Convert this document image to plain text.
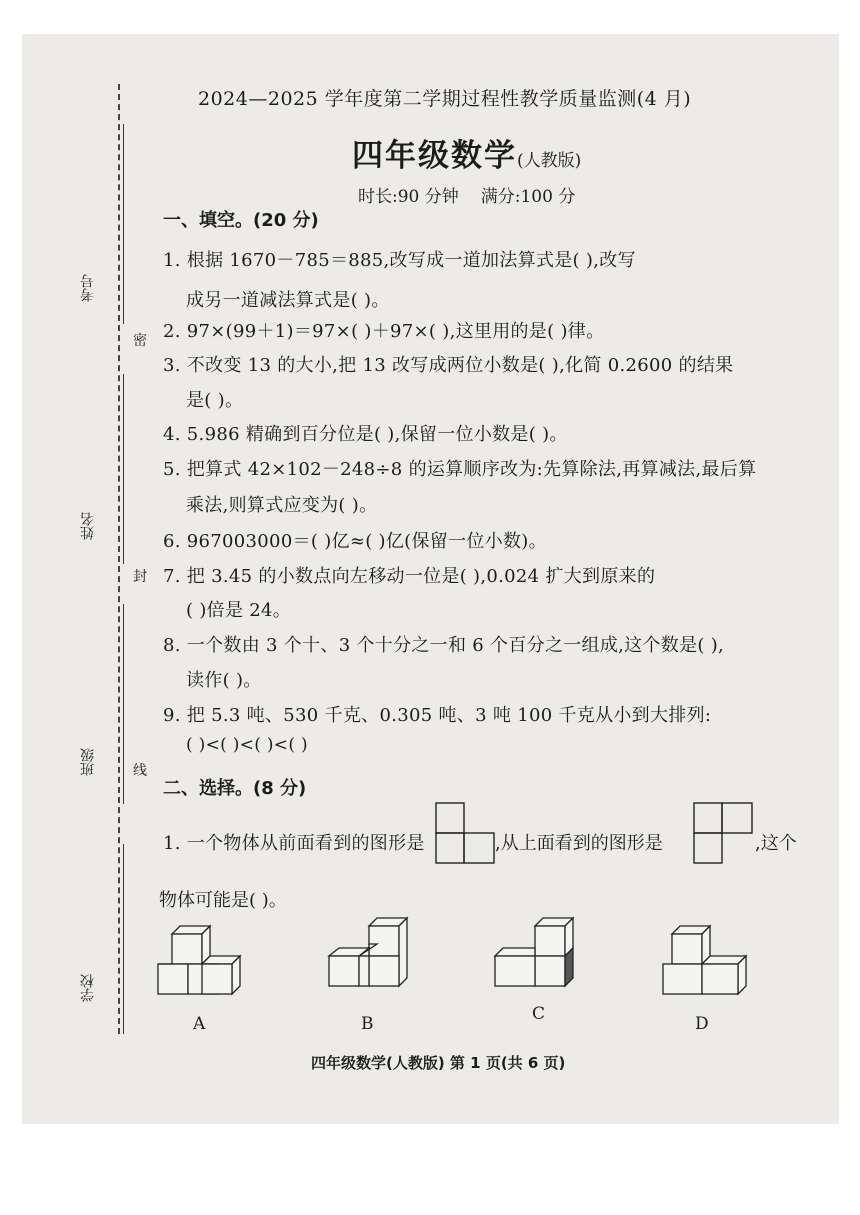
2024—2025 学年度第二学期过程性教学质量监测(4 月)
四年级数学(人教版)
时长:90 分钟 满分:100 分
考号
姓名
班级
学校
密
封
线
一、填空。(20 分)
1. 根据 1670－785＝885,改写成一道加法算式是( ),改写
成另一道减法算式是( )。
2. 97×(99＋1)＝97×( )＋97×( ),这里用的是( )律。
3. 不改变 13 的大小,把 13 改写成两位小数是( ),化简 0.2600 的结果
是( )。
4. 5.986 精确到百分位是( ),保留一位小数是( )。
5. 把算式 42×102－248÷8 的运算顺序改为:先算除法,再算减法,最后算
乘法,则算式应变为( )。
6. 967003000＝( )亿≈( )亿(保留一位小数)。
7. 把 3.45 的小数点向左移动一位是( ),0.024 扩大到原来的
( )倍是 24。
8. 一个数由 3 个十、3 个十分之一和 6 个百分之一组成,这个数是( ),
读作( )。
9. 把 5.3 吨、530 千克、0.305 吨、3 吨 100 千克从小到大排列:
( )<( )<( )<( )
二、选择。(8 分)
1. 一个物体从前面看到的图形是	,从上面看到的图形是	,这个
物体可能是( )。
A	B	C	D
四年级数学(人教版) 第 1 页(共 6 页)
